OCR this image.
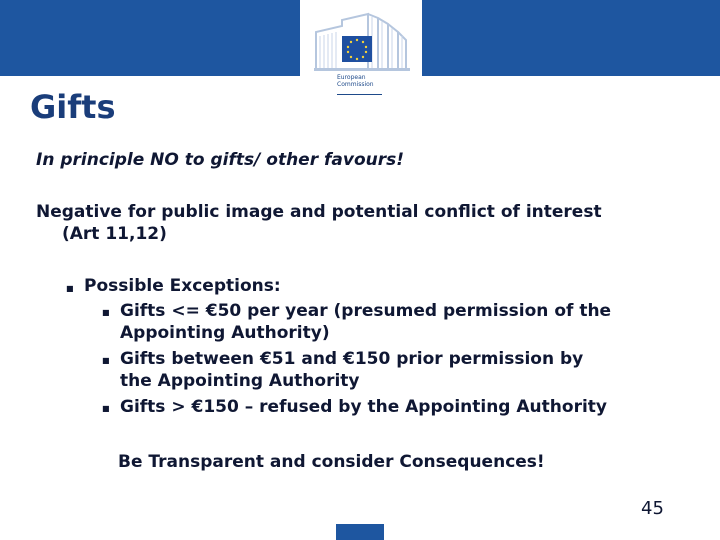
European
Commission
Gifts

In principle NO to gifts/ other favours!

Negative for public image and potential conflict of interest

(Art 11,12)

■ Possible Exceptions:

■ Gifts <= €50 per year (presumed permission of the

Appointing Authority)

■ Gifts between €51 and €150 prior permission by

the Appointing Authority

■ Gifts > €150 – refused by the Appointing Authority

Be Transparent and consider Consequences!

45
